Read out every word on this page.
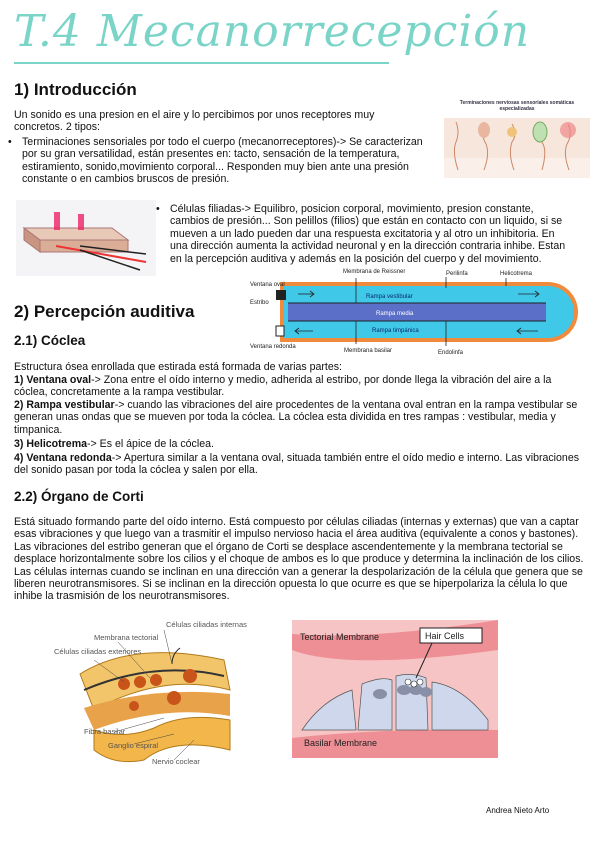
T.4 Mecanorrecepción
1) Introducción
Un sonido es una presion en el aire y lo percibimos por unos receptores muy concretos. 2 tipos:
• Terminaciones sensoriales por todo el cuerpo (mecanorreceptores)-> Se caracterizan por su gran versatilidad, están presentes en: tacto, sensación de la temperatura, estiramiento, sonido,movimiento corporal... Responden muy bien ante una presión constante o en cambios bruscos de presión.
Terminaciones nerviosas sensoriales somáticas especializadas
• Células filiadas-> Equilibro, posicion corporal, movimiento, presion constante, cambios de presión... Son pelillos (filios) que están en contacto con un liquido, si se mueven a un lado pueden dar una respuesta excitatoria y al otro un inhibitoria. En una dirección aumenta la actividad neuronal y en la dirección contraria inhibe. Estan en la percepción auditiva y además en la posición del cuerpo y del movimiento.
2) Percepción auditiva
2.1) Cóclea
Membrana de Reissner	Perilinfa	Helicotrema
Ventana oval
Estribo
Rampa vestibular
Rampa media
Rampa timpánica
Ventana redonda
Membrana basilar	Endolinfa
Estructura ósea enrollada que estirada está formada de varias partes:
1) Ventana oval-> Zona entre el oído interno y medio, adherida al estribo, por donde llega la vibración del aire a la cóclea, concretamente a la rampa vestibular.
2) Rampa vestibular-> cuando las vibraciones del aire procedentes de la ventana oval entran en la rampa vestibular se generan unas ondas que se mueven por toda la cóclea. La cóclea esta dividida en tres rampas : vestibular, media y timpanica.
3) Helicotrema-> Es el ápice de la cóclea.
4) Ventana redonda-> Apertura similar a la ventana oval, situada también entre el oído medio e interno. Las vibraciones del sonido pasan por toda la cóclea y salen por ella.
2.2) Órgano de Corti
Está situado formando parte del oído interno. Está compuesto por células ciliadas (internas y externas) que van a captar esas vibraciones y que luego van a trasmitir el impulso nervioso hacia el área auditiva (equivalente a conos y bastones). Las vibraciones del estribo generan que el órgano de Corti se desplace ascendentemente y la membrana tectorial se desplace horizontalmente sobre los cilios y el choque de ambos es lo que produce y determina la inclinación de los cilios. Las células internas cuando se inclinan en una dirección van a generar la despolarización de la célula que genera que se liberen neurotransmisores. Si se inclinan en la dirección opuesta lo que ocurre es que se hiperpolariza la célula lo que inhibe la trasmisión de los neurotransmisores.
Células ciliadas internas
Membrana tectorial
Células ciliadas exteriores
Fibra basilar
Ganglio espiral
Nervio coclear
Tectorial Membrane	Hair Cells
Basilar Membrane
Andrea Nieto Arto
